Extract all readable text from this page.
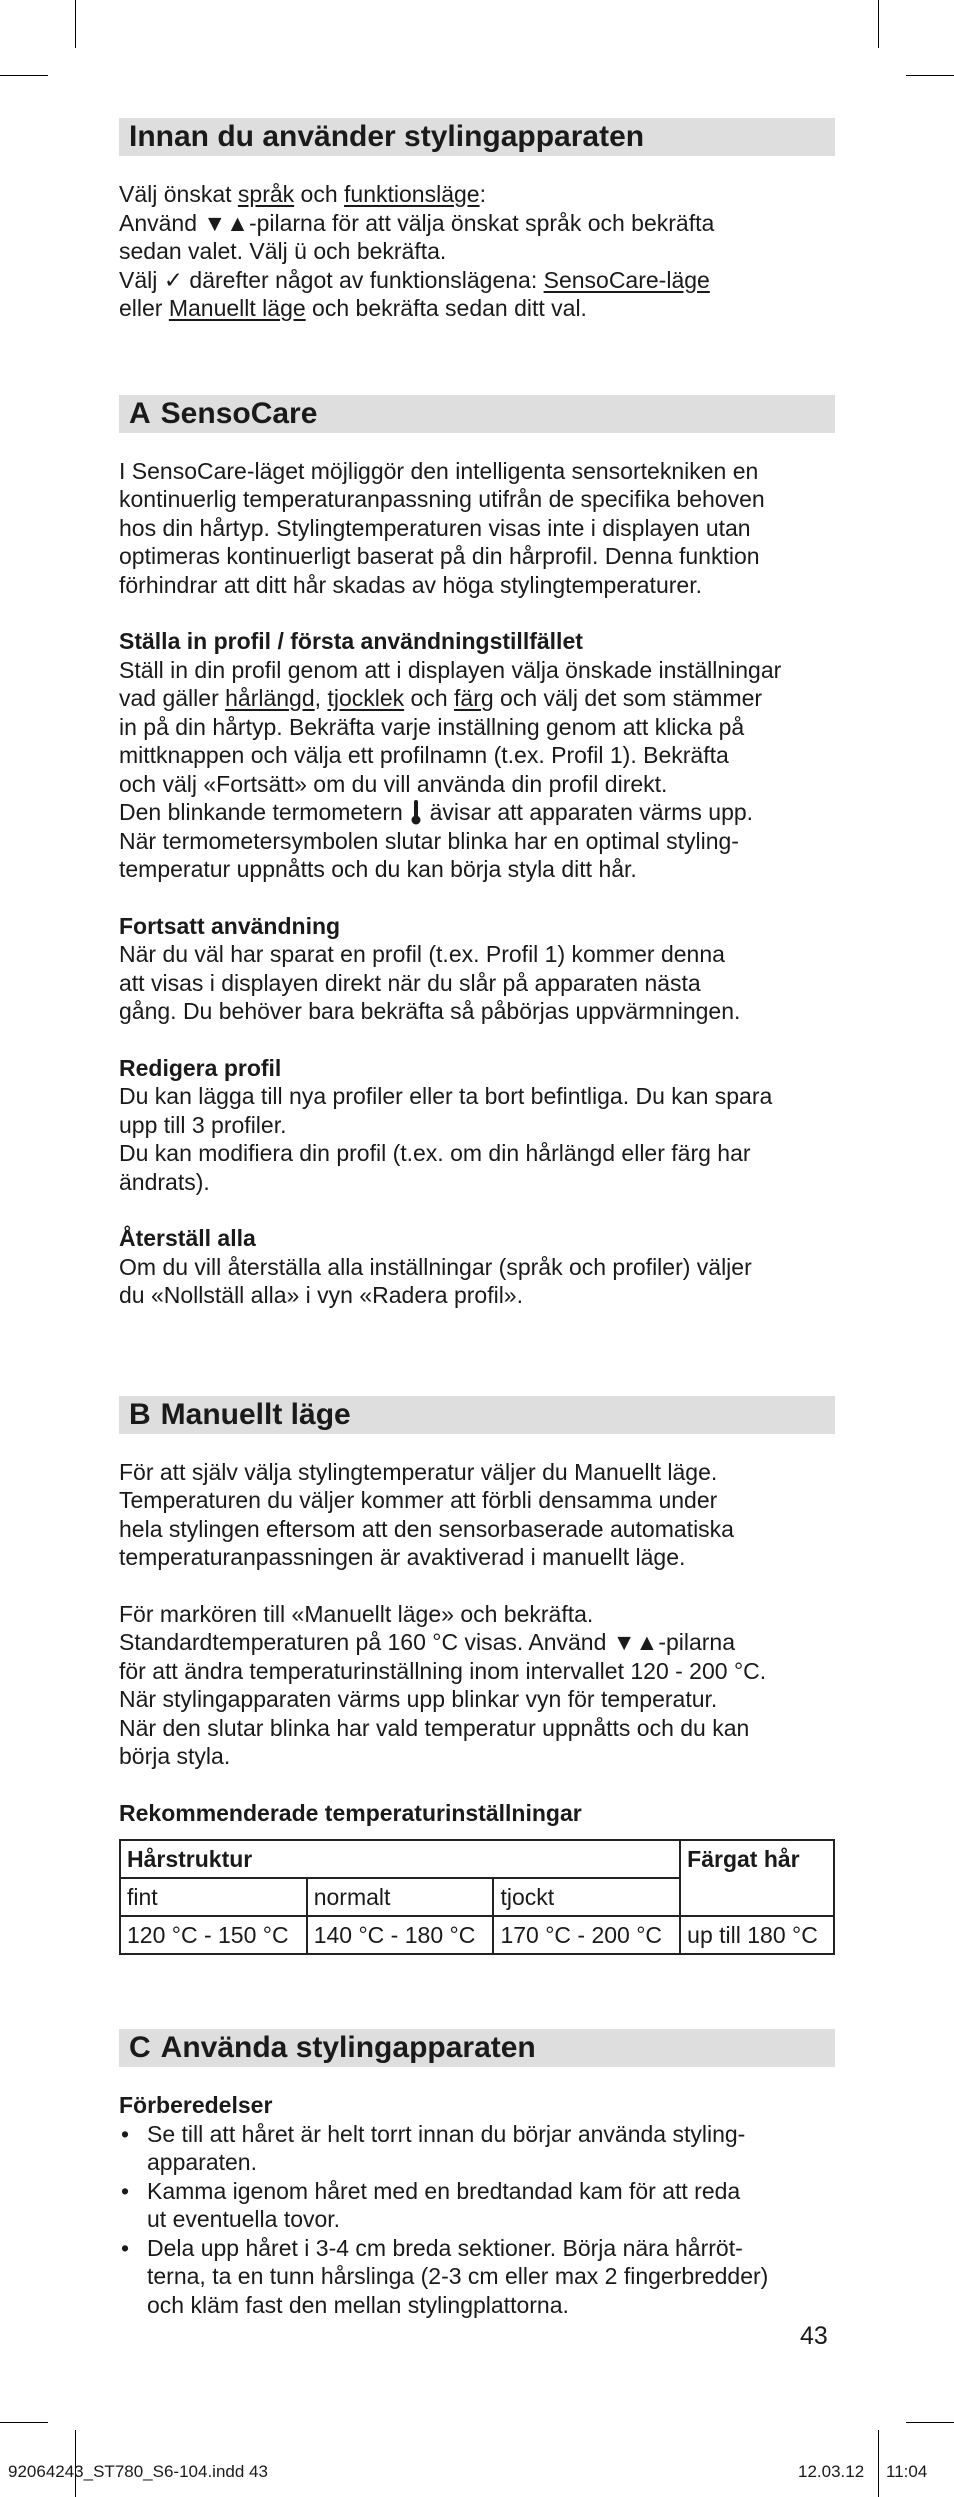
Innan du använder stylingapparaten

Välj önskat språk och funktionsläge:

Använd ▼▲-pilarna för att välja önskat språk och bekräfta

sedan valet. Välj ü och bekräfta.

Välj ✓ därefter något av funktionslägena: SensoCare-läge

eller Manuellt läge och bekräfta sedan ditt val.

A SensoCare

I SensoCare-läget möjliggör den intelligenta sensortekniken en

kontinuerlig temperaturanpassning utifrån de specifika behoven

hos din hårtyp. Stylingtemperaturen visas inte i displayen utan

optimeras kontinuerligt baserat på din hårprofil. Denna funktion

förhindrar att ditt hår skadas av höga stylingtemperaturer.

Ställa in profil / första användningstillfället

Ställ in din profil genom att i displayen välja önskade inställningar

vad gäller hårlängd, tjocklek och färg och välj det som stämmer

in på din hårtyp. Bekräfta varje inställning genom att klicka på

mittknappen och välja ett profilnamn (t.ex. Profil 1). Bekräfta

och välj «Fortsätt» om du vill använda din profil direkt.

Den blinkande termometern  ävisar att apparaten värms upp.

När termometersymbolen slutar blinka har en optimal styling-

temperatur uppnåtts och du kan börja styla ditt hår.

Fortsatt användning

När du väl har sparat en profil (t.ex. Profil 1) kommer denna

att visas i displayen direkt när du slår på apparaten nästa

gång. Du behöver bara bekräfta så påbörjas uppvärmningen.

Redigera profil

Du kan lägga till nya profiler eller ta bort befintliga. Du kan spara

upp till 3 profiler.

Du kan modifiera din profil (t.ex. om din hårlängd eller färg har

ändrats).

Återställ alla

Om du vill återställa alla inställningar (språk och profiler) väljer

du «Nollställ alla» i vyn «Radera profil».

B Manuellt läge

För att själv välja stylingtemperatur väljer du Manuellt läge.

Temperaturen du väljer kommer att förbli densamma under

hela stylingen eftersom att den sensorbaserade automatiska

temperaturanpassningen är avaktiverad i manuellt läge.

För markören till «Manuellt läge» och bekräfta.

Standardtemperaturen på 160 °C visas. Använd ▼▲-pilarna

för att ändra temperaturinställning inom intervallet 120 - 200 °C.

När stylingapparaten värms upp blinkar vyn för temperatur.

När den slutar blinka har vald temperatur uppnåtts och du kan

börja styla.

Rekommenderade temperaturinställningar

Hårstruktur			Färgat hår
fint	normalt	tjockt	
120 °C - 150 °C	140 °C - 180 °C	170 °C - 200 °C	up till 180 °C
C Använda stylingapparaten

Förberedelser

• Se till att håret är helt torrt innan du börjar använda styling-
apparaten.
• Kamma igenom håret med en bredtandad kam för att reda
ut eventuella tovor.
• Dela upp håret i 3-4 cm breda sektioner. Börja nära hårröt-
terna, ta en tunn hårslinga (2-3 cm eller max 2 fingerbredder)
och kläm fast den mellan stylingplattorna.
43
92064243_ST780_S6-104.indd 43	12.03.12 11:04
